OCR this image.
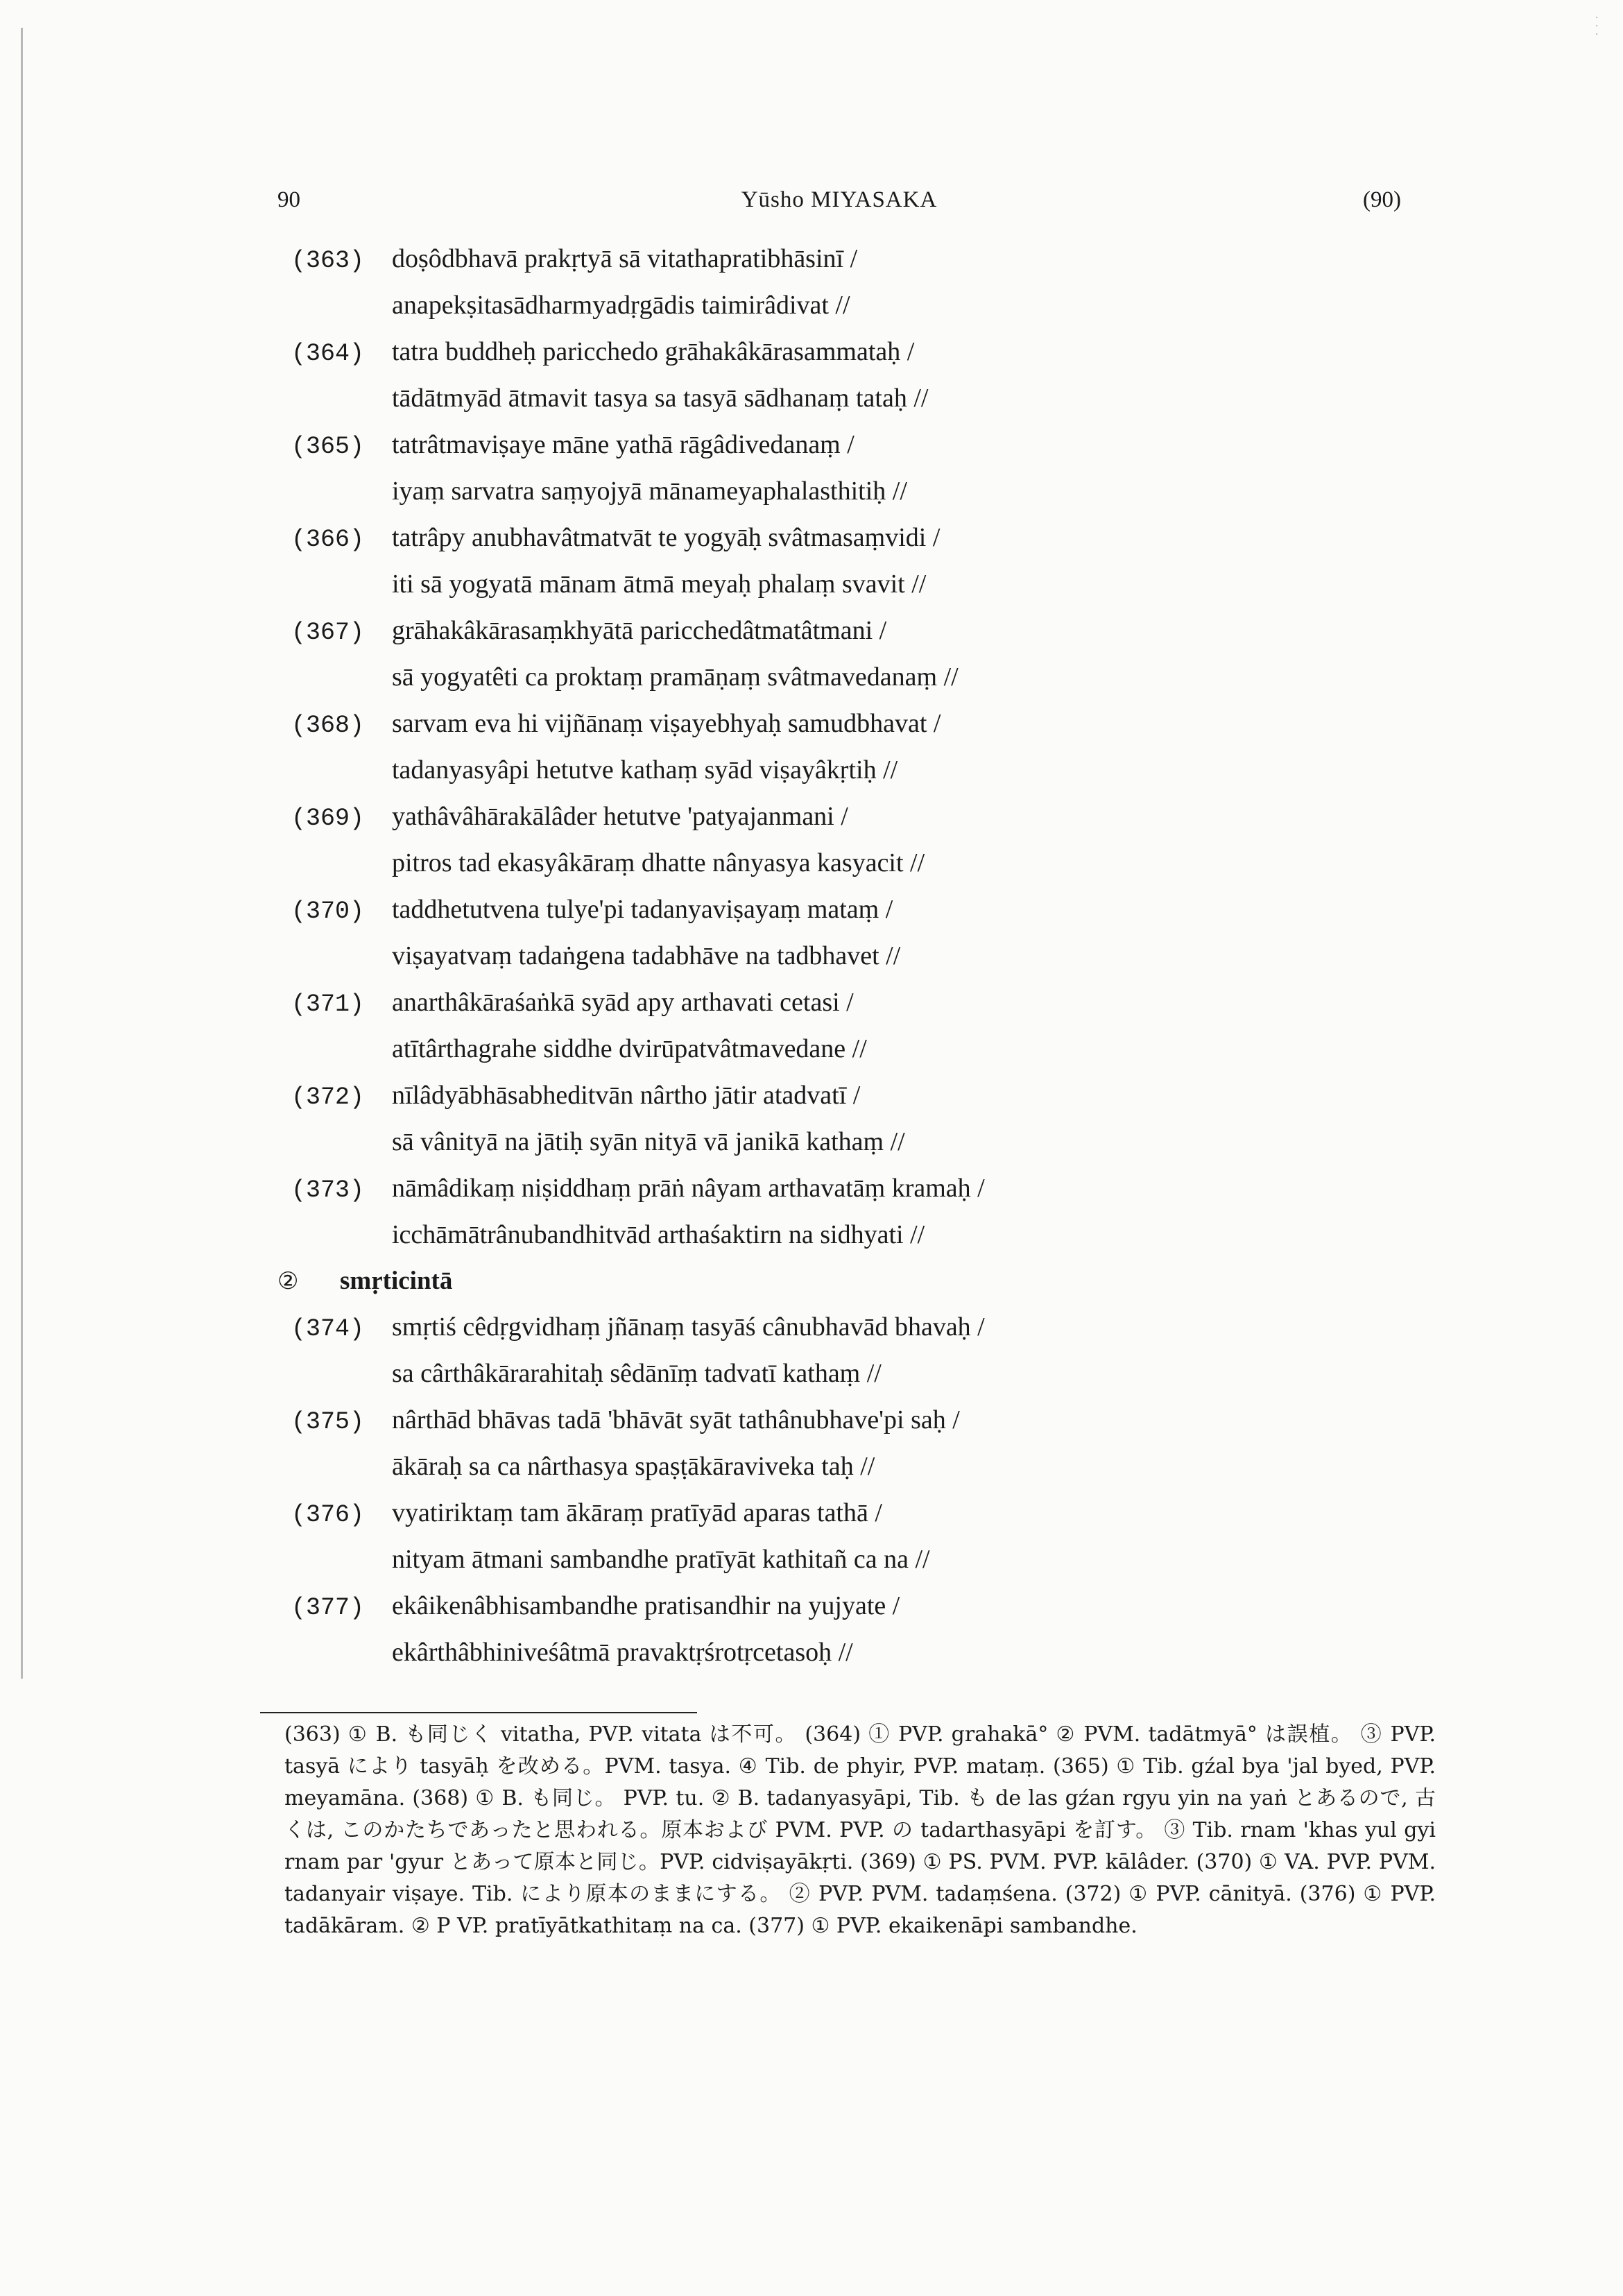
·
·
·
90	Yūsho MIYASAKA	(90)
(363) doṣôdbhavā prakṛtyā sā vitathapratibhāsinī /
anapekṣitasādharmyadṛgādis taimirâdivat //
(364) tatra buddheḥ paricchedo grāhakâkārasammataḥ /
tādātmyād ātmavit tasya sa tasyā sādhanaṃ tataḥ //
(365) tatrâtmaviṣaye māne yathā rāgâdivedanaṃ /
iyaṃ sarvatra saṃyojyā mānameyaphalasthitiḥ //
(366) tatrâpy anubhavâtmatvāt te yogyāḥ svâtmasaṃvidi /
iti sā yogyatā mānam ātmā meyaḥ phalaṃ svavit //
(367) grāhakâkārasaṃkhyātā paricchedâtmatâtmani /
sā yogyatêti ca proktaṃ pramāṇaṃ svâtmavedanaṃ //
(368) sarvam eva hi vijñānaṃ viṣayebhyaḥ samudbhavat /
tadanyasyâpi hetutve kathaṃ syād viṣayâkṛtiḥ //
(369) yathâvâhārakālâder hetutve 'patyajanmani /
pitros tad ekasyâkāraṃ dhatte nânyasya kasyacit //
(370) taddhetutvena tulye'pi tadanyaviṣayaṃ mataṃ /
viṣayatvaṃ tadaṅgena tadabhāve na tadbhavet //
(371) anarthâkāraśaṅkā syād apy arthavati cetasi /
atītârthagrahe siddhe dvirūpatvâtmavedane //
(372) nīlâdyābhāsabheditvān nârtho jātir atadvatī /
sā vânityā na jātiḥ syān nityā vā janikā kathaṃ //
(373) nāmâdikaṃ niṣiddhaṃ prāṅ nâyam arthavatāṃ kramaḥ /
icchāmātrânubandhitvād arthaśaktirn na sidhyati //
② smṛticintā
(374) smṛtiś cêdṛgvidhaṃ jñānaṃ tasyāś cânubhavād bhavaḥ /
sa cârthâkārarahitaḥ sêdānīṃ tadvatī kathaṃ //
(375) nârthād bhāvas tadā 'bhāvāt syāt tathânubhave'pi saḥ /
ākāraḥ sa ca nârthasya spaṣṭākāraviveka taḥ //
(376) vyatiriktaṃ tam ākāraṃ pratīyād aparas tathā /
nityam ātmani sambandhe pratīyāt kathitañ ca na //
(377) ekâikenâbhisambandhe pratisandhir na yujyate /
ekârthâbhiniveśâtmā pravaktṛśrotṛcetasoḥ //

(363) ① B. も同じく vitatha, PVP. vitata は不可。 (364) ① PVP. grahakā° ② PVM. tadātmyā° は誤植。 ③ PVP. tasyā により tasyāḥ を改める。PVM. tasya. ④ Tib. de phyir, PVP. mataṃ. (365) ① Tib. gźal bya 'jal byed, PVP. meyamāna. (368) ① B. も同じ。 PVP. tu. ② B. tadanyasyāpi, Tib. も de las gźan rgyu yin na yaṅ とあるので, 古くは, このかたちであったと思われる。原本および PVM. PVP. の tadarthasyāpi を訂す。 ③ Tib. rnam 'khas yul gyi rnam par 'gyur とあって原本と同じ。PVP. cidviṣayākṛti. (369) ① PS. PVM. PVP. kālâder. (370) ① VA. PVP. PVM. tadanyair viṣaye. Tib. により原本のままにする。 ② PVP. PVM. tadaṃśena. (372) ① PVP. cānityā. (376) ① PVP. tadākāram. ② P VP. pratīyātkathitaṃ na ca. (377) ① PVP. ekaikenāpi sambandhe.
